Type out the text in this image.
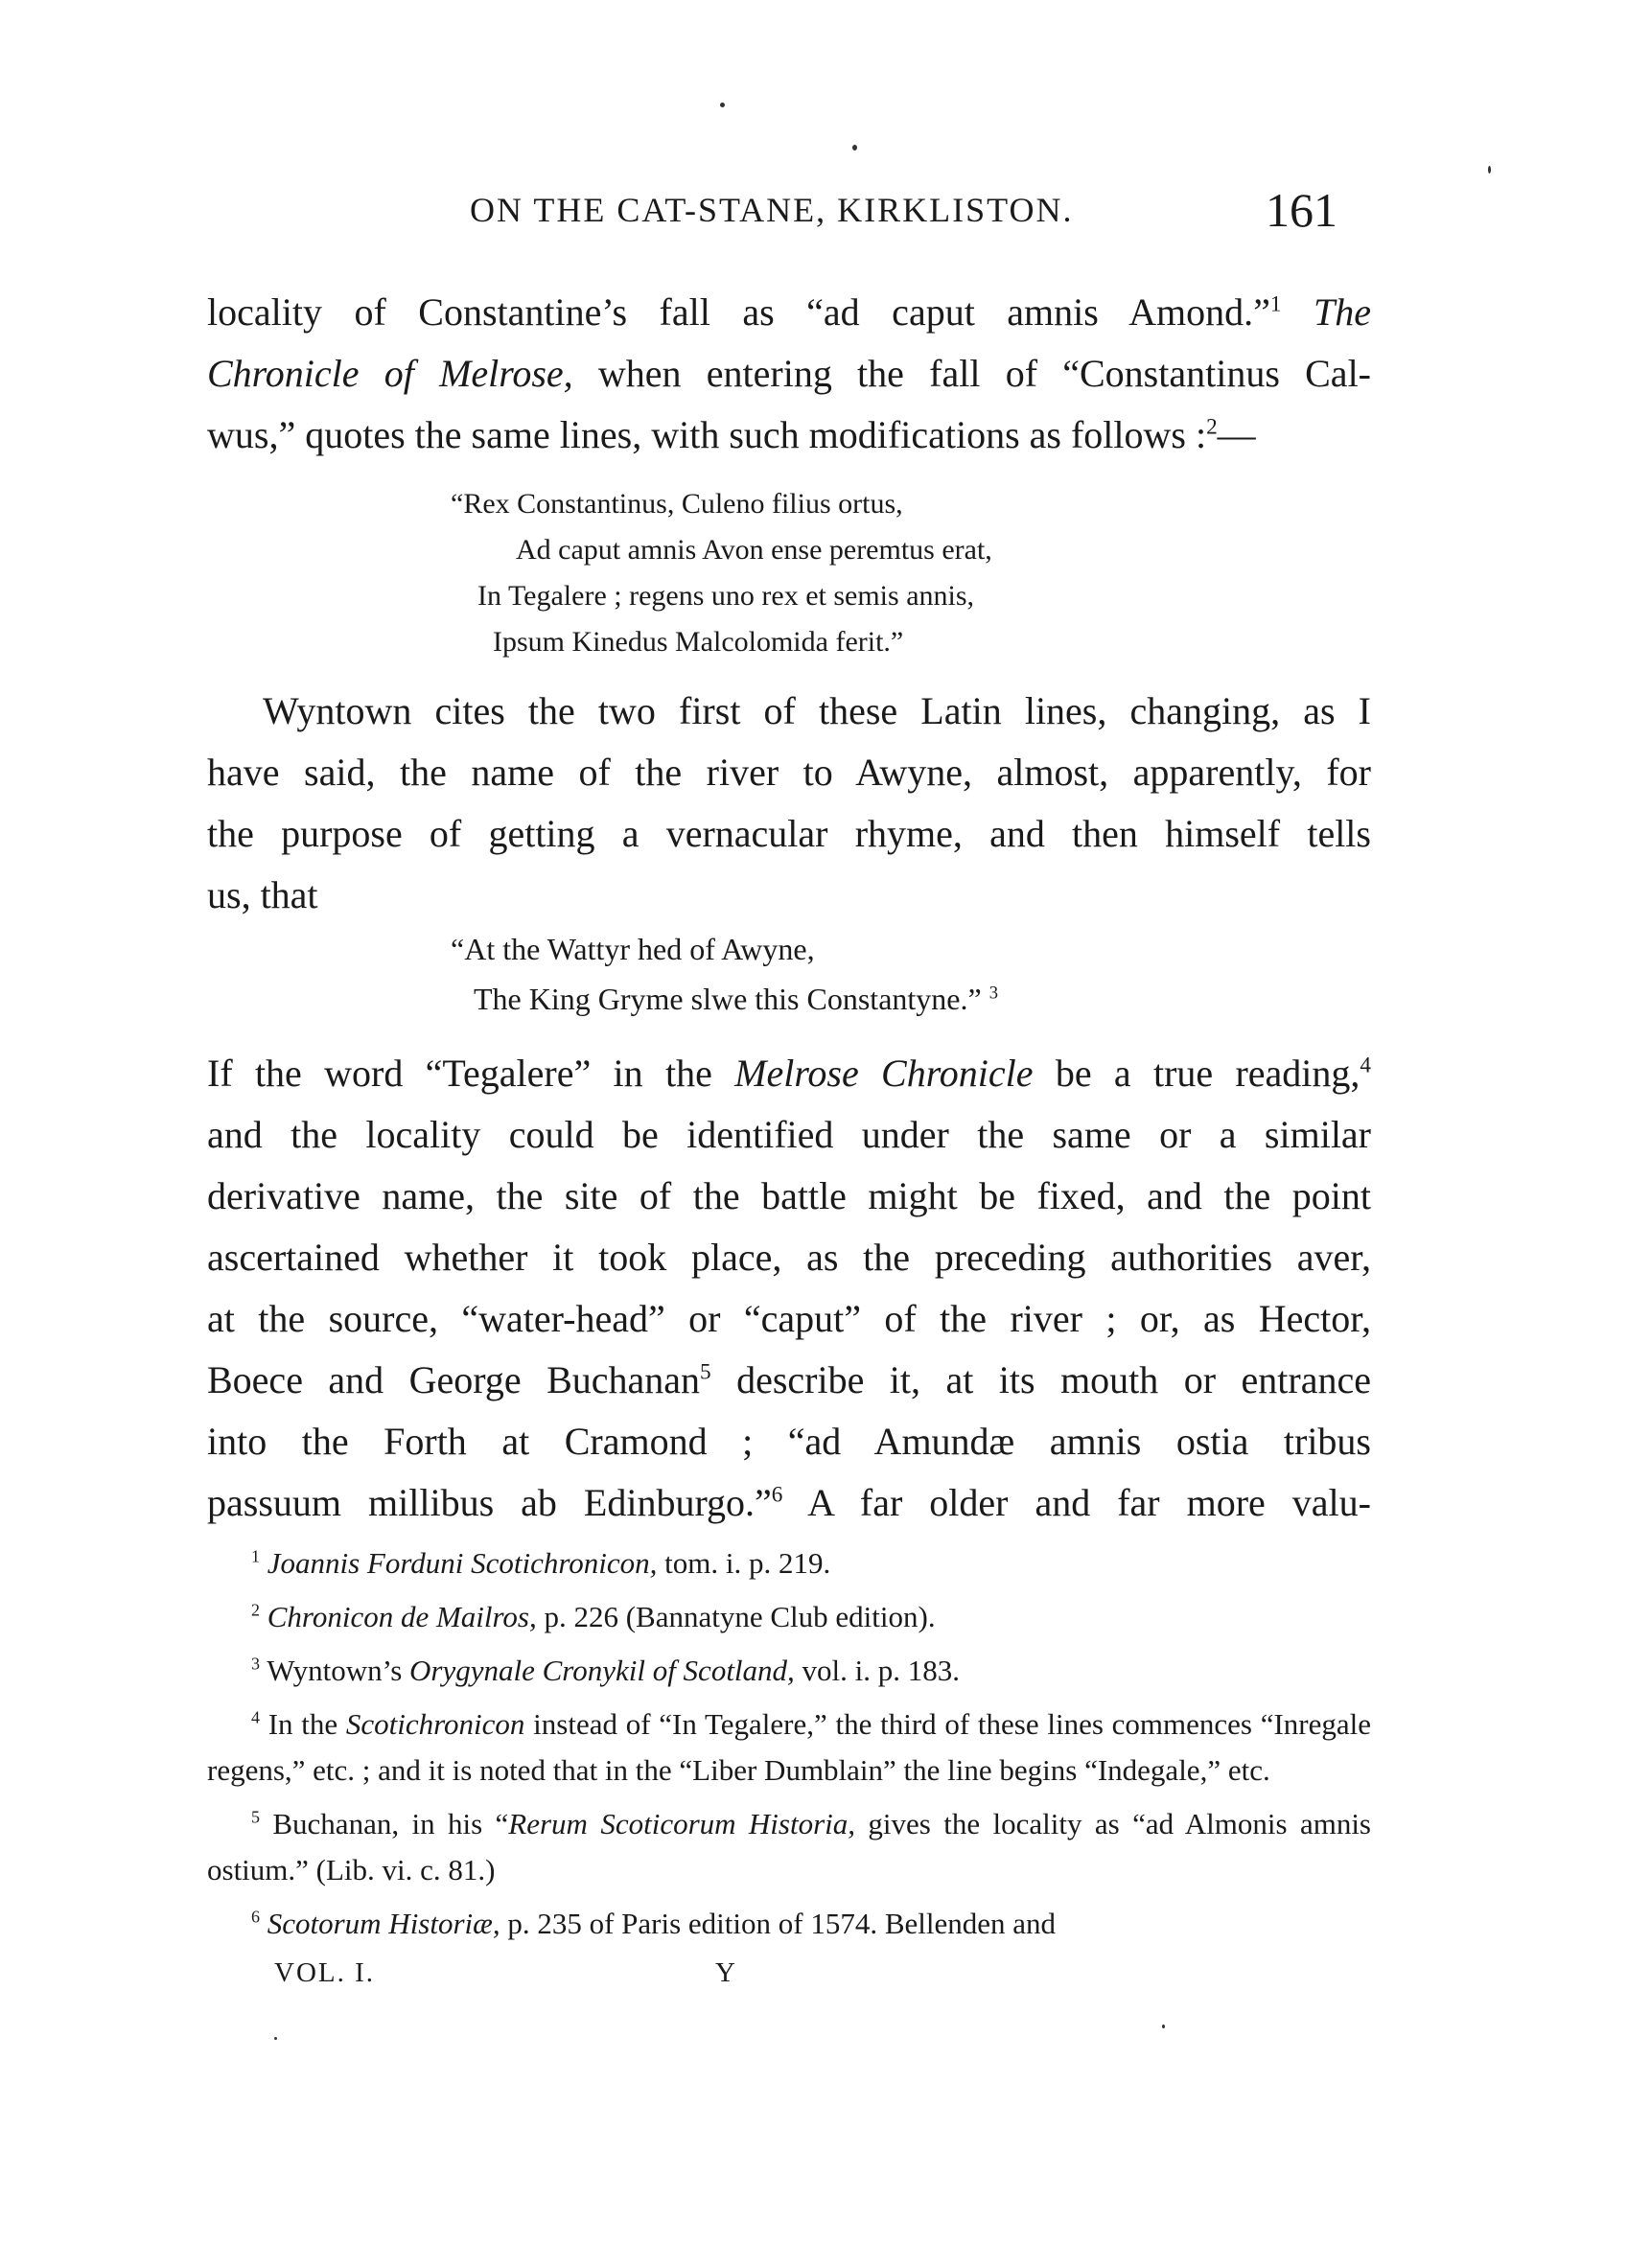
ON THE CAT-STANE, KIRKLISTON.	161
locality of Constantine’s fall as “ad caput amnis Amond.”$^1$ The
Chronicle of Melrose, when entering the fall of “Constantinus Cal-
wus,” quotes the same lines, with such modifications as follows :$^2$—
“Rex Constantinus, Culeno filius ortus,
Ad caput amnis Avon ense peremtus erat,
In Tegalere ; regens uno rex et semis annis,
Ipsum Kinedus Malcolomida ferit.”
Wyntown cites the two first of these Latin lines, changing, as I
have said, the name of the river to Awyne, almost, apparently, for
the purpose of getting a vernacular rhyme, and then himself tells
us, that
“At the Wattyr hed of Awyne,
The King Gryme slwe this Constantyne.” $^3$
If the word “Tegalere” in the Melrose Chronicle be a true reading,$^4$
and the locality could be identified under the same or a similar
derivative name, the site of the battle might be fixed, and the point
ascertained whether it took place, as the preceding authorities aver,
at the source, “water-head” or “caput” of the river ; or, as Hector,
Boece and George Buchanan$^5$ describe it, at its mouth or entrance
into the Forth at Cramond ; “ad Amundæ amnis ostia tribus
passuum millibus ab Edinburgo.”$^6$ A far older and far more valu-

$^1$ Joannis Forduni Scotichronicon, tom. i. p. 219.

$^2$ Chronicon de Mailros, p. 226 (Bannatyne Club edition).

$^3$ Wyntown’s Orygynale Cronykil of Scotland, vol. i. p. 183.

$^4$ In the Scotichronicon instead of “In Tegalere,” the third of these lines commences “Inregale regens,” etc. ; and it is noted that in the “Liber Dumblain” the line begins “Indegale,” etc.

$^5$ Buchanan, in his “Rerum Scoticorum Historia, gives the locality as “ad Almonis amnis ostium.” (Lib. vi. c. 81.)

$^6$ Scotorum Historiæ, p. 235 of Paris edition of 1574. Bellenden and

VOL. I.	Y
